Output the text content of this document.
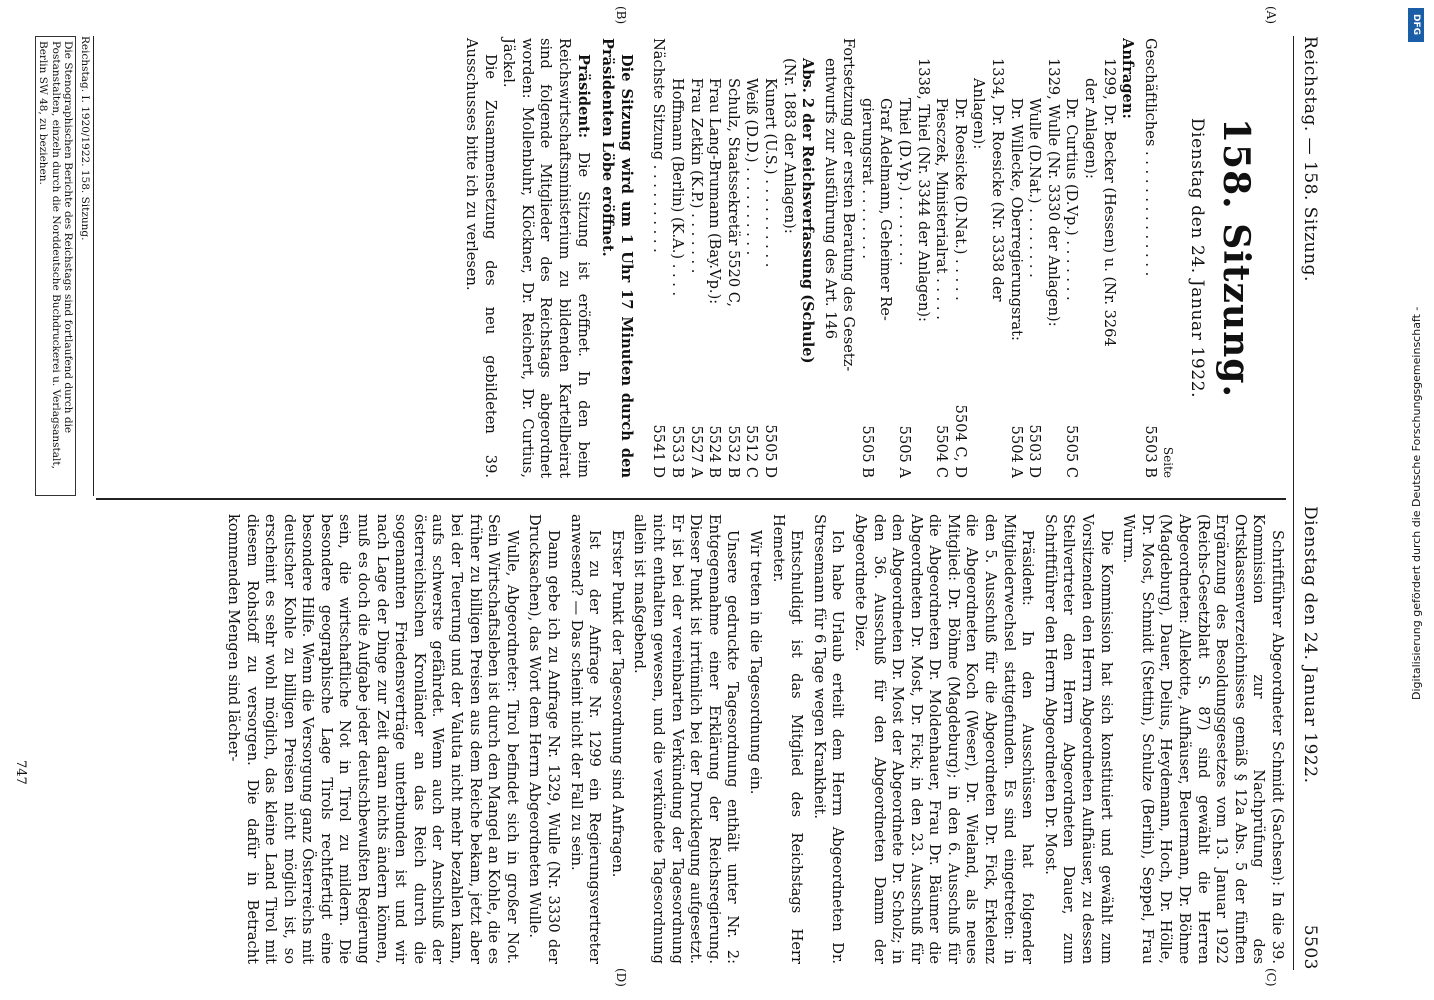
Reichstag. — 158. Sitzung.
Dienstag den 24. Januar 1922.
5503
(A)
(B)
(C)
(D)
158. Sitzung.
Dienstag den 24. Januar 1922.
Seite
Geschäftliches . . . . . . . . . . . . . .
5503 B
Anfragen:
1299, Dr. Becker (Hessen) u. (Nr. 3264
der Anlagen):
Dr. Curtius (D.Vp.) . . . . . . .
5505 C
1329, Wulle (Nr. 3330 der Anlagen):
Wulle (D.Nat.) . . . . . . . .
5503 D
Dr. Willecke, Oberregierungsrat:
5504 A
1334, Dr. Roesicke (Nr. 3338 der
Anlagen):
Dr. Roesicke (D.Nat.) . . . . .
5504 C, D
Piesczek, Ministerialrat . . . . .
5504 C
1338, Thiel (Nr. 3344 der Anlagen):
Thiel (D.Vp.) . . . . . . . .
5505 A
Graf Adelmann, Geheimer Re-
gierungsrat . . . . . . . .
5505 B
Fortsetzung der ersten Beratung des Gesetz-
entwurfs zur Ausführung des Art. 146
Abs. 2 der Reichsverfassung (Schule)
(Nr. 1883 der Anlagen):
Kunert (U.S.) . . . . . . . . . .
5505 D
Weiß (D.D.) . . . . . . . . . .
5512 C
Schulz, Staatssekretär 5520 C,
5532 B
Frau Lang-Brumann (Bay.Vp.):
5524 B
Frau Zetkin (K.P.) . . . . . . .
5527 A
Hoffmann (Berlin) (K.A.) . . . .
5533 B
Nächste Sitzung . . . . . . . . . .
5541 D

Die Sitzung wird um 1 Uhr 17 Minuten durch den Präsidenten Löbe eröffnet.

Präsident: Die Sitzung ist eröffnet. In den beim Reichswirtschaftsministerium zu bildenden Kartellbeirat sind folgende Mitglieder des Reichstags abgeordnet worden: Mollenbuhr, Klöckner, Dr. Reichert, Dr. Curtius, Jäckel.

Die Zusammensetzung des neu gebildeten 39. Ausschusses bitte ich zu verlesen.

Reichstag. I. 1920/1922. 158. Sitzung.
Die Stenographischen Berichte des Reichstags sind fortlaufend durch die Postanstalten, einzeln durch die Norddeutsche Buchdruckerei u. Verlagsanstalt, Berlin SW 48, zu beziehen.

Schriftführer Abgeordneter Schmidt (Sachsen): In die 39. Kommission zur Nachprüfung des Ortsklassenverzeichnisses gemäß § 12a Abs. 5 der fünften Ergänzung des Besoldungsgesetzes vom 13. Januar 1922 (Reichs-Gesetzblatt S. 87) sind gewählt die Herren Abgeordneten: Allekotte, Aufhäuser, Beuermann, Dr. Böhme (Magdeburg), Dauer, Delius, Heydemann, Hoch, Dr. Hölle, Dr. Most, Schmidt (Stettin), Schulze (Berlin), Seppel, Frau Wurm.

Die Kommission hat sich konstituiert und gewählt zum Vorsitzenden den Herrn Abgeordneten Aufhäuser, zu dessen Stellvertreter den Herrn Abgeordneten Dauer, zum Schriftführer den Herrn Abgeordneten Dr. Most.

Präsident: In den Ausschüssen hat folgender Mitgliederwechsel stattgefunden. Es sind eingetreten: in den 5. Ausschuß für die Abgeordneten Dr. Fick, Erkelenz die Abgeordneten Koch (Weser), Dr. Wieland, als neues Mitglied: Dr. Böhme (Magdeburg); in den 6. Ausschuß für die Abgeordneten Dr. Moldenhauer, Frau Dr. Bäumer die Abgeordneten Dr. Most, Dr. Fick; in den 23. Ausschuß für den Abgeordneten Dr. Most der Abgeordnete Dr. Scholz; in den 36. Ausschuß für den Abgeordneten Damm der Abgeordnete Diez.

Ich habe Urlaub erteilt dem Herrn Abgeordneten Dr. Stresemann für 6 Tage wegen Krankheit.

Entschuldigt ist das Mitglied des Reichstags Herr Hemeter.

Wir treten in die Tagesordnung ein.

Unsere gedruckte Tagesordnung enthält unter Nr. 2: Entgegennahme einer Erklärung der Reichsregierung. Dieser Punkt ist irrtümlich bei der Drucklegung aufgesetzt. Er ist bei der vereinbarten Verkündung der Tagesordnung nicht enthalten gewesen, und die verkündete Tagesordnung allein ist maßgebend.

Erster Punkt der Tagesordnung sind Anfragen.

Ist zu der Anfrage Nr. 1299 ein Regierungsvertreter anwesend? — Das scheint nicht der Fall zu sein.

Dann gebe ich zu Anfrage Nr. 1329, Wulle (Nr. 3330 der Drucksachen), das Wort dem Herrn Abgeordneten Wulle.

Wulle, Abgeordneter: Tirol befindet sich in großer Not. Sein Wirtschaftsleben ist durch den Mangel an Kohle, die es früher zu billigen Preisen aus dem Reiche bekam, jetzt aber bei der Teuerung und der Valuta nicht mehr bezahlen kann, aufs schwerste gefährdet. Wenn auch der Anschluß der österreichischen Kronländer an das Reich durch die sogenannten Friedensverträge unterbunden ist und wir nach Lage der Dinge zur Zeit daran nichts ändern können, muß es doch die Aufgabe jeder deutschbewußten Regierung sein, die wirtschaftliche Not in Tirol zu mildern. Die besondere geographische Lage Tirols rechtfertigt eine besondere Hilfe. Wenn die Versorgung ganz Österreichs mit deutscher Kohle zu billigen Preisen nicht möglich ist, so erscheint es sehr wohl möglich, das kleine Land Tirol mit diesem Rohstoff zu versorgen. Die dafür in Betracht kommenden Mengen sind lächer-

747
DFG
Digitalisierung gefördert durch die Deutsche Forschungsgemeinschaft -
